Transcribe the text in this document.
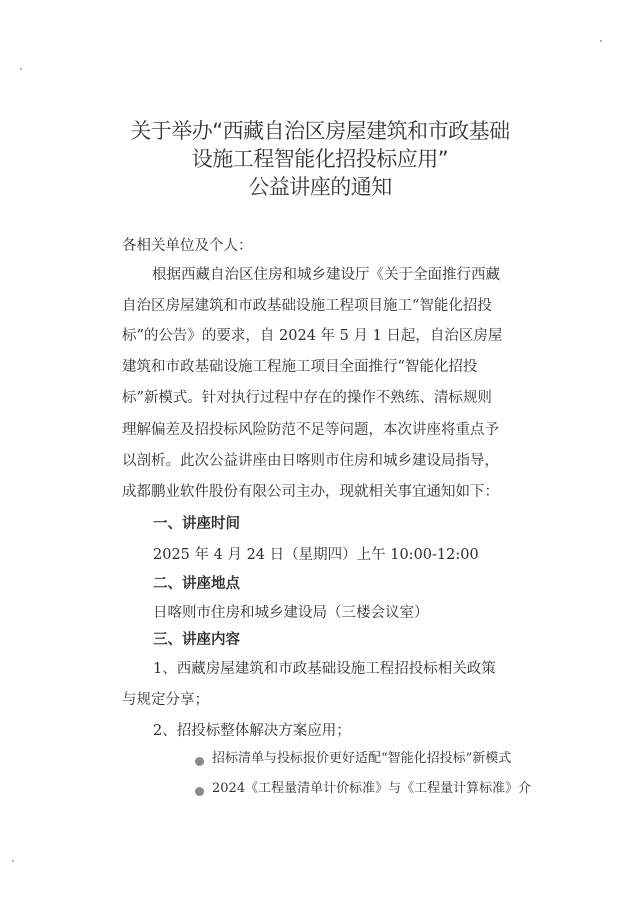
关于举办“西藏自治区房屋建筑和市政基础
设施工程智能化招投标应用”
公益讲座的通知
各相关单位及个人：
根据西藏自治区住房和城乡建设厅《关于全面推行西藏
自治区房屋建筑和市政基础设施工程项目施工“智能化招投
标”的公告》的要求，自 2024 年 5 月 1 日起，自治区房屋
建筑和市政基础设施工程施工项目全面推行“智能化招投
标”新模式。针对执行过程中存在的操作不熟练、清标规则
理解偏差及招投标风险防范不足等问题，本次讲座将重点予
以剖析。此次公益讲座由日喀则市住房和城乡建设局指导，
成都鹏业软件股份有限公司主办，现就相关事宜通知如下：
一、讲座时间
2025 年 4 月 24 日（星期四）上午 10:00-12:00
二、讲座地点
日喀则市住房和城乡建设局（三楼会议室）
三、讲座内容
1、西藏房屋建筑和市政基础设施工程招投标相关政策
与规定分享；
2、招投标整体解决方案应用；
招标清单与投标报价更好适配“智能化招投标”新模式
2024《工程量清单计价标准》与《工程量计算标准》介
